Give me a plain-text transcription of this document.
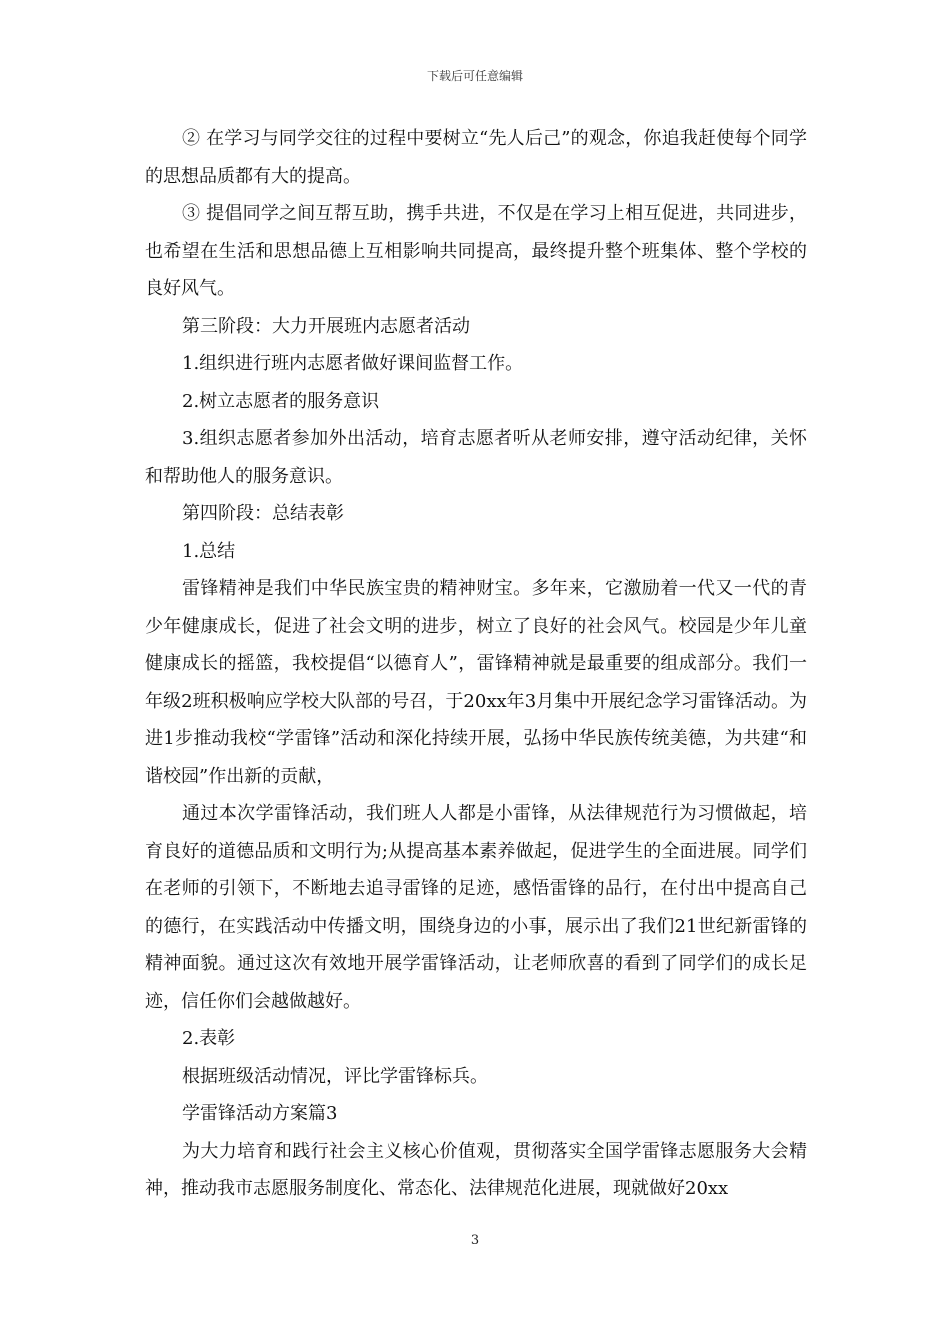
下载后可任意编辑

② 在学习与同学交往的过程中要树立“先人后己”的观念，你追我赶使每个同学的思想品质都有大的提高。

③ 提倡同学之间互帮互助，携手共进，不仅是在学习上相互促进，共同进步，也希望在生活和思想品德上互相影响共同提高，最终提升整个班集体、整个学校的良好风气。

第三阶段：大力开展班内志愿者活动

1.组织进行班内志愿者做好课间监督工作。

2.树立志愿者的服务意识

3.组织志愿者参加外出活动，培育志愿者听从老师安排，遵守活动纪律，关怀和帮助他人的服务意识。

第四阶段：总结表彰

1.总结

雷锋精神是我们中华民族宝贵的精神财宝。多年来，它激励着一代又一代的青少年健康成长，促进了社会文明的进步，树立了良好的社会风气。校园是少年儿童健康成长的摇篮，我校提倡“以德育人”，雷锋精神就是最重要的组成部分。我们一年级2班积极响应学校大队部的号召，于20xx年3月集中开展纪念学习雷锋活动。为进1步推动我校“学雷锋”活动和深化持续开展，弘扬中华民族传统美德，为共建“和谐校园”作出新的贡献，

通过本次学雷锋活动，我们班人人都是小雷锋，从法律规范行为习惯做起，培育良好的道德品质和文明行为;从提高基本素养做起，促进学生的全面进展。同学们在老师的引领下，不断地去追寻雷锋的足迹，感悟雷锋的品行，在付出中提高自己的德行，在实践活动中传播文明，围绕身边的小事，展示出了我们21世纪新雷锋的精神面貌。通过这次有效地开展学雷锋活动，让老师欣喜的看到了同学们的成长足迹，信任你们会越做越好。

2.表彰

根据班级活动情况，评比学雷锋标兵。

学雷锋活动方案篇3

为大力培育和践行社会主义核心价值观，贯彻落实全国学雷锋志愿服务大会精神，推动我市志愿服务制度化、常态化、法律规范化进展，现就做好20xx

3
